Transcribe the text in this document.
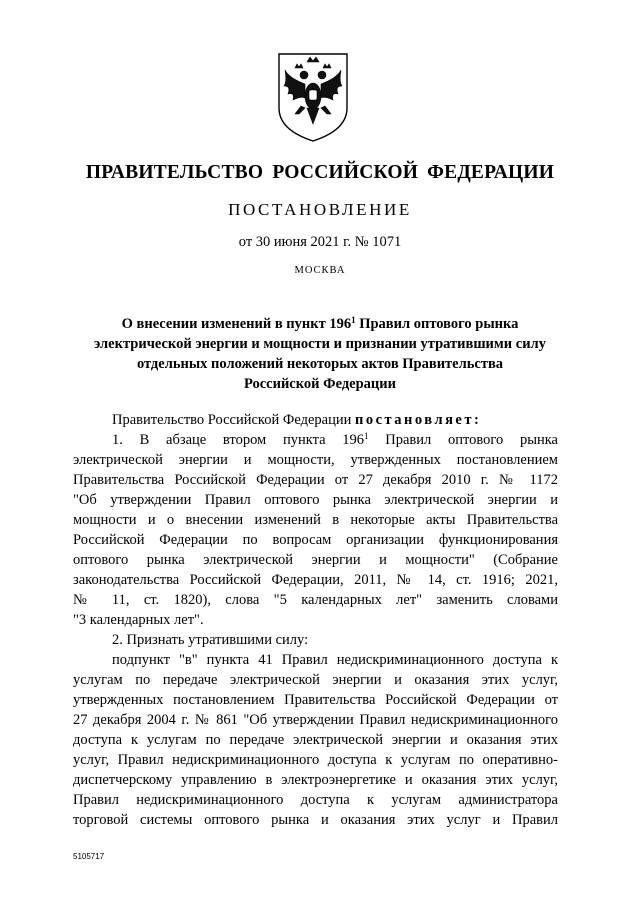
ПРАВИТЕЛЬСТВО РОССИЙСКОЙ ФЕДЕРАЦИИ
ПОСТАНОВЛЕНИЕ
от 30 июня 2021 г. № 1071
МОСКВА
О внесении изменений в пункт $196^1$ Правил оптового рынка
электрической энергии и мощности и признании утратившими силу
отдельных положений некоторых актов Правительства
Российской Федерации
Правительство Российской Федерации постановляет:
1. В абзаце втором пункта $196^1$ Правил оптового рынка
электрической энергии и мощности, утвержденных постановлением
Правительства Российской Федерации от 27 декабря 2010 г. № 1172
"Об утверждении Правил оптового рынка электрической энергии и
мощности и о внесении изменений в некоторые акты Правительства
Российской Федерации по вопросам организации функционирования
оптового рынка электрической энергии и мощности" (Собрание
законодательства Российской Федерации, 2011, № 14, ст. 1916; 2021,
№ 11, ст. 1820), слова "5 календарных лет" заменить словами
"3 календарных лет".
2. Признать утратившими силу:
подпункт "в" пункта 41 Правил недискриминационного доступа к
услугам по передаче электрической энергии и оказания этих услуг,
утвержденных постановлением Правительства Российской Федерации от
27 декабря 2004 г. № 861 "Об утверждении Правил недискриминационного
доступа к услугам по передаче электрической энергии и оказания этих
услуг, Правил недискриминационного доступа к услугам по оперативно-
диспетчерскому управлению в электроэнергетике и оказания этих услуг,
Правил недискриминационного доступа к услугам администратора
торговой системы оптового рынка и оказания этих услуг и Правил
5105717
